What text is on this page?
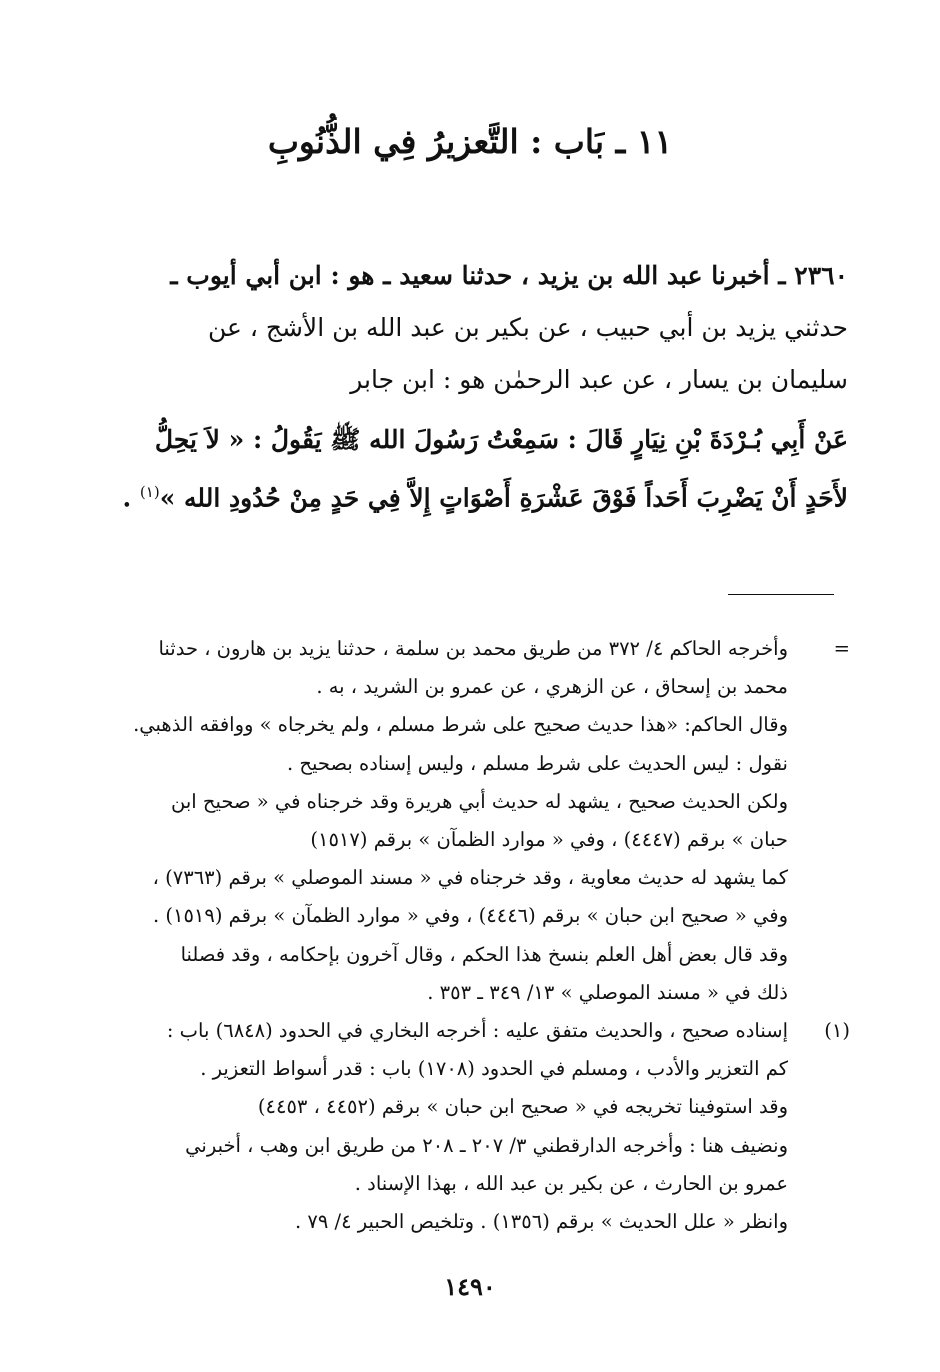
١١ ـ بَاب : التَّعزيرُ فِي الذُّنُوبِ
٢٣٦٠ ـ أخبرنا عبد الله بن يزيد ، حدثنا سعيد ـ هو : ابن أبي أيوب ـ
حدثني يزيد بن أبي حبيب ، عن بكير بن عبد الله بن الأشج ، عن
سليمان بن يسار ، عن عبد الرحمٰن هو : ابن جابر
عَنْ أَبِي بُـرْدَةَ بْنِ نِيَارٍ قَالَ : سَمِعْتُ رَسُولَ الله ﷺ يَقُولُ : « لاَ يَحِلُّ
لأَحَدٍ أَنْ يَضْرِبَ أَحَداً فَوْقَ عَشْرَةِ أَصْوَاتٍ إِلاَّ فِي حَدٍ مِنْ حُدُودِ الله »$^{(١)}$ .
=
وأخرجه الحاكم ٤/ ٣٧٢ من طريق محمد بن سلمة ، حدثنا يزيد بن هارون ، حدثنا
محمد بن إسحاق ، عن الزهري ، عن عمرو بن الشريد ، به .
وقال الحاكم: «هذا حديث صحيح على شرط مسلم ، ولم يخرجاه » ووافقه الذهبي.
نقول : ليس الحديث على شرط مسلم ، وليس إسناده بصحيح .
ولكن الحديث صحيح ، يشهد له حديث أبي هريرة وقد خرجناه في « صحيح ابن
حبان » برقم (٤٤٤٧) ، وفي « موارد الظمآن » برقم (١٥١٧)
كما يشهد له حديث معاوية ، وقد خرجناه في « مسند الموصلي » برقم (٧٣٦٣) ،
وفي « صحيح ابن حبان » برقم (٤٤٤٦) ، وفي « موارد الظمآن » برقم (١٥١٩) .
وقد قال بعض أهل العلم بنسخ هذا الحكم ، وقال آخرون بإحكامه ، وقد فصلنا
ذلك في « مسند الموصلي » ١٣/ ٣٤٩ ـ ٣٥٣ .
(١)
إسناده صحيح ، والحديث متفق عليه : أخرجه البخاري في الحدود (٦٨٤٨) باب :
كم التعزير والأدب ، ومسلم في الحدود (١٧٠٨) باب : قدر أسواط التعزير .
وقد استوفينا تخريجه في « صحيح ابن حبان » برقم (٤٤٥٢ ، ٤٤٥٣)
ونضيف هنا : وأخرجه الدارقطني ٣/ ٢٠٧ ـ ٢٠٨ من طريق ابن وهب ، أخبرني
عمرو بن الحارث ، عن بكير بن عبد الله ، بهذا الإسناد .
وانظر « علل الحديث » برقم (١٣٥٦) . وتلخيص الحبير ٤/ ٧٩ .
١٤٩٠
